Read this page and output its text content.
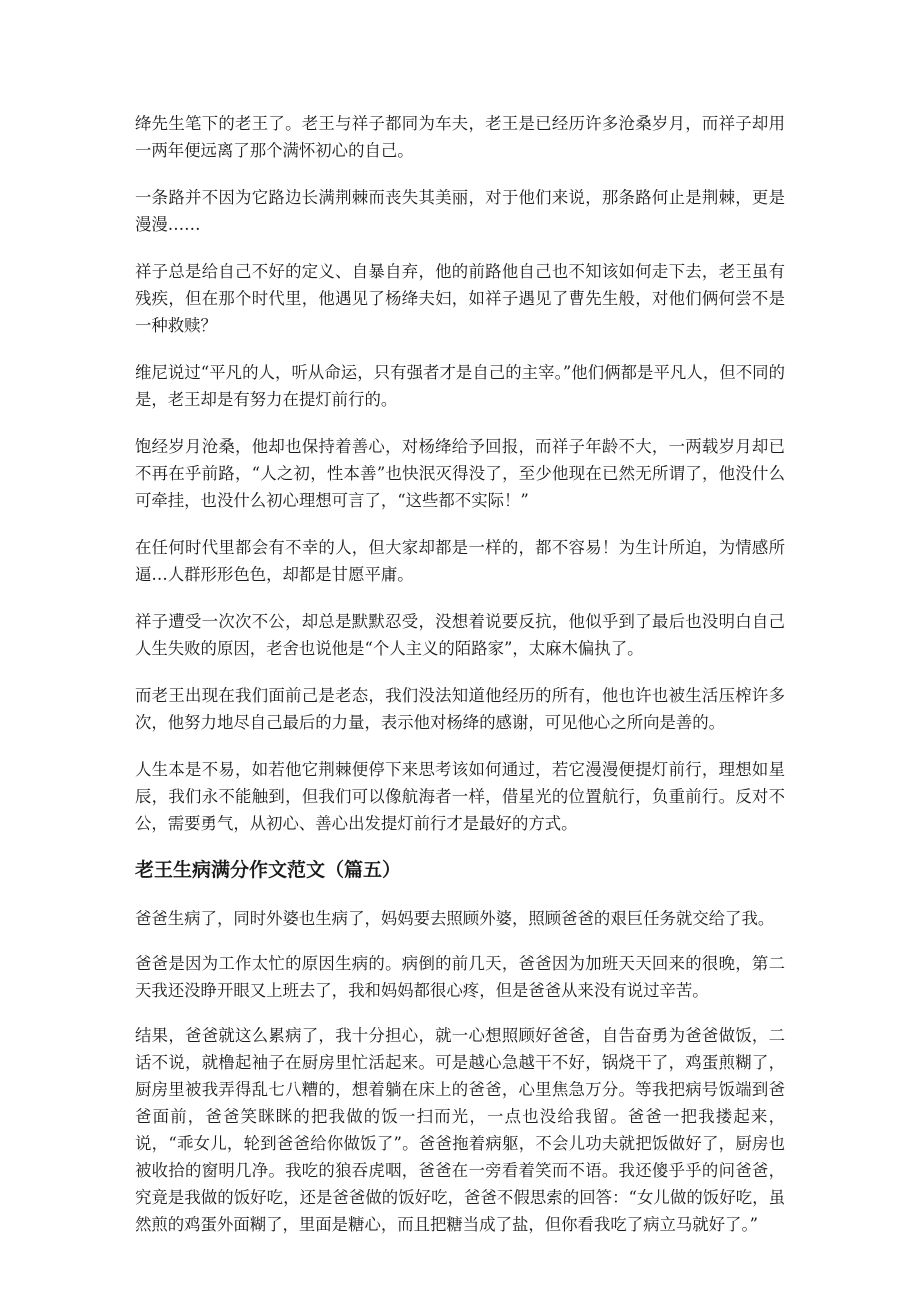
绛先生笔下的老王了。老王与祥子都同为车夫，老王是已经历许多沧桑岁月，而祥子却用一两年便远离了那个满怀初心的自己。

一条路并不因为它路边长满荆棘而丧失其美丽，对于他们来说，那条路何止是荆棘，更是漫漫……

祥子总是给自己不好的定义、自暴自弃，他的前路他自己也不知该如何走下去，老王虽有残疾，但在那个时代里，他遇见了杨绛夫妇，如祥子遇见了曹先生般，对他们俩何尝不是一种救赎？

维尼说过“平凡的人，听从命运，只有强者才是自己的主宰。”他们俩都是平凡人，但不同的是，老王却是有努力在提灯前行的。

饱经岁月沧桑，他却也保持着善心，对杨绛给予回报，而祥子年龄不大，一两载岁月却已不再在乎前路，“人之初，性本善”也快泯灭得没了，至少他现在已然无所谓了，他没什么可牵挂，也没什么初心理想可言了，“这些都不实际！”

在任何时代里都会有不幸的人，但大家却都是一样的，都不容易！为生计所迫，为情感所逼…人群形形色色，却都是甘愿平庸。

祥子遭受一次次不公，却总是默默忍受，没想着说要反抗，他似乎到了最后也没明白自己人生失败的原因，老舍也说他是“个人主义的陌路家”，太麻木偏执了。

而老王出现在我们面前己是老态，我们没法知道他经历的所有，他也许也被生活压榨许多次，他努力地尽自己最后的力量，表示他对杨绛的感谢，可见他心之所向是善的。

人生本是不易，如若他它荆棘便停下来思考该如何通过，若它漫漫便提灯前行，理想如星辰，我们永不能触到，但我们可以像航海者一样，借星光的位置航行，负重前行。反对不公，需要勇气，从初心、善心出发提灯前行才是最好的方式。

老王生病满分作文范文（篇五）

爸爸生病了，同时外婆也生病了，妈妈要去照顾外婆，照顾爸爸的艰巨任务就交给了我。

爸爸是因为工作太忙的原因生病的。病倒的前几天，爸爸因为加班天天回来的很晚，第二天我还没睁开眼又上班去了，我和妈妈都很心疼，但是爸爸从来没有说过辛苦。

结果，爸爸就这么累病了，我十分担心，就一心想照顾好爸爸，自告奋勇为爸爸做饭，二话不说，就橹起袖子在厨房里忙活起来。可是越心急越干不好，锅烧干了，鸡蛋煎糊了，厨房里被我弄得乱七八糟的，想着躺在床上的爸爸，心里焦急万分。等我把病号饭端到爸爸面前，爸爸笑眯眯的把我做的饭一扫而光，一点也没给我留。爸爸一把我搂起来，说，“乖女儿，轮到爸爸给你做饭了”。爸爸拖着病躯，不会儿功夫就把饭做好了，厨房也被收拾的窗明几净。我吃的狼吞虎咽，爸爸在一旁看着笑而不语。我还傻乎乎的问爸爸，究竟是我做的饭好吃，还是爸爸做的饭好吃，爸爸不假思索的回答：“女儿做的饭好吃，虽然煎的鸡蛋外面糊了，里面是糖心，而且把糖当成了盐，但你看我吃了病立马就好了。”
